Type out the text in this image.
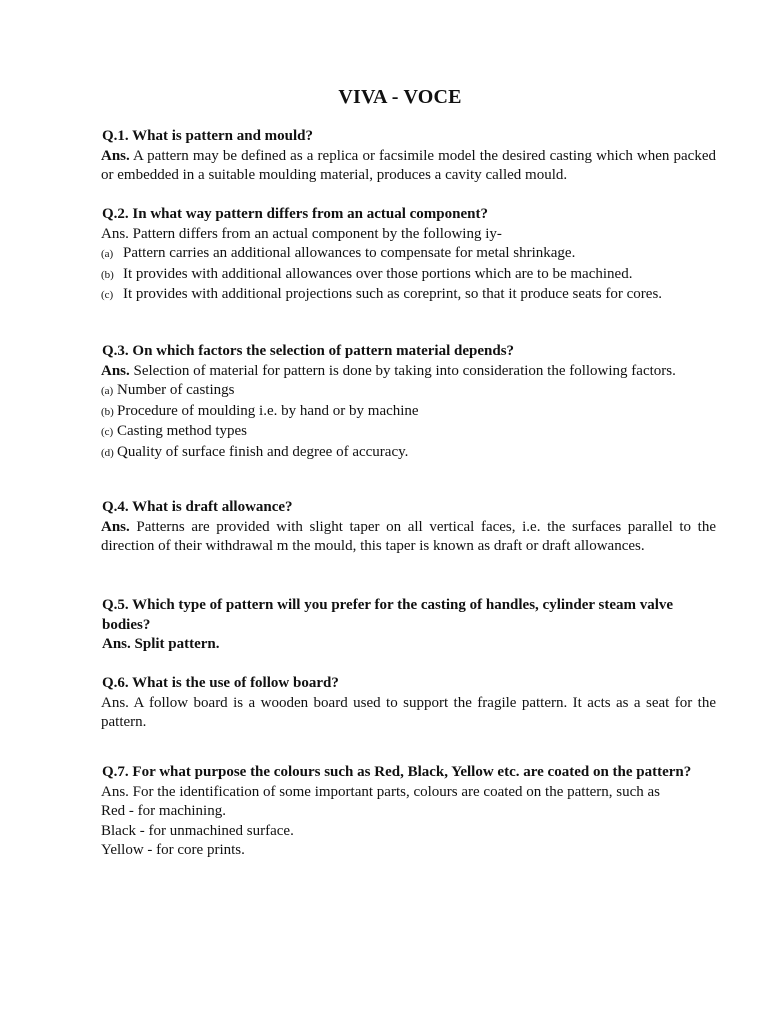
VIVA - VOCE
Q.1. What is pattern and mould?
Ans. A pattern may be defined as a replica or facsimile model the desired casting which when packed or embedded in a suitable moulding material, produces a cavity called mould.
Q.2. In what way pattern differs from an actual component?
Ans. Pattern differs from an actual component by the following iy-
(a) Pattern carries an additional allowances to compensate for metal shrinkage.
(b) It provides with additional allowances over those portions which are to be machined.
(c) It provides with additional projections such as coreprint, so that it produce seats for cores.
Q.3. On which factors the selection of pattern material depends?
Ans. Selection of material for pattern is done by taking into consideration the following factors.
(a) Number of castings
(b) Procedure of moulding i.e. by hand or by machine
(c) Casting method types
(d) Quality of surface finish and degree of accuracy.
Q.4. What is draft allowance?
Ans. Patterns are provided with slight taper on all vertical faces, i.e. the surfaces parallel to the direction of their withdrawal m the mould, this taper is known as draft or draft allowances.
Q.5. Which type of pattern will you prefer for the casting of handles, cylinder steam valve bodies?
Ans. Split pattern.
Q.6. What is the use of follow board?
Ans. A follow board is a wooden board used to support the fragile pattern. It acts as a seat for the pattern.
Q.7. For what purpose the colours such as Red, Black, Yellow etc. are coated on the pattern?
Ans. For the identification of some important parts, colours are coated on the pattern, such as
Red - for machining.
Black - for unmachined surface.
Yellow - for core prints.
